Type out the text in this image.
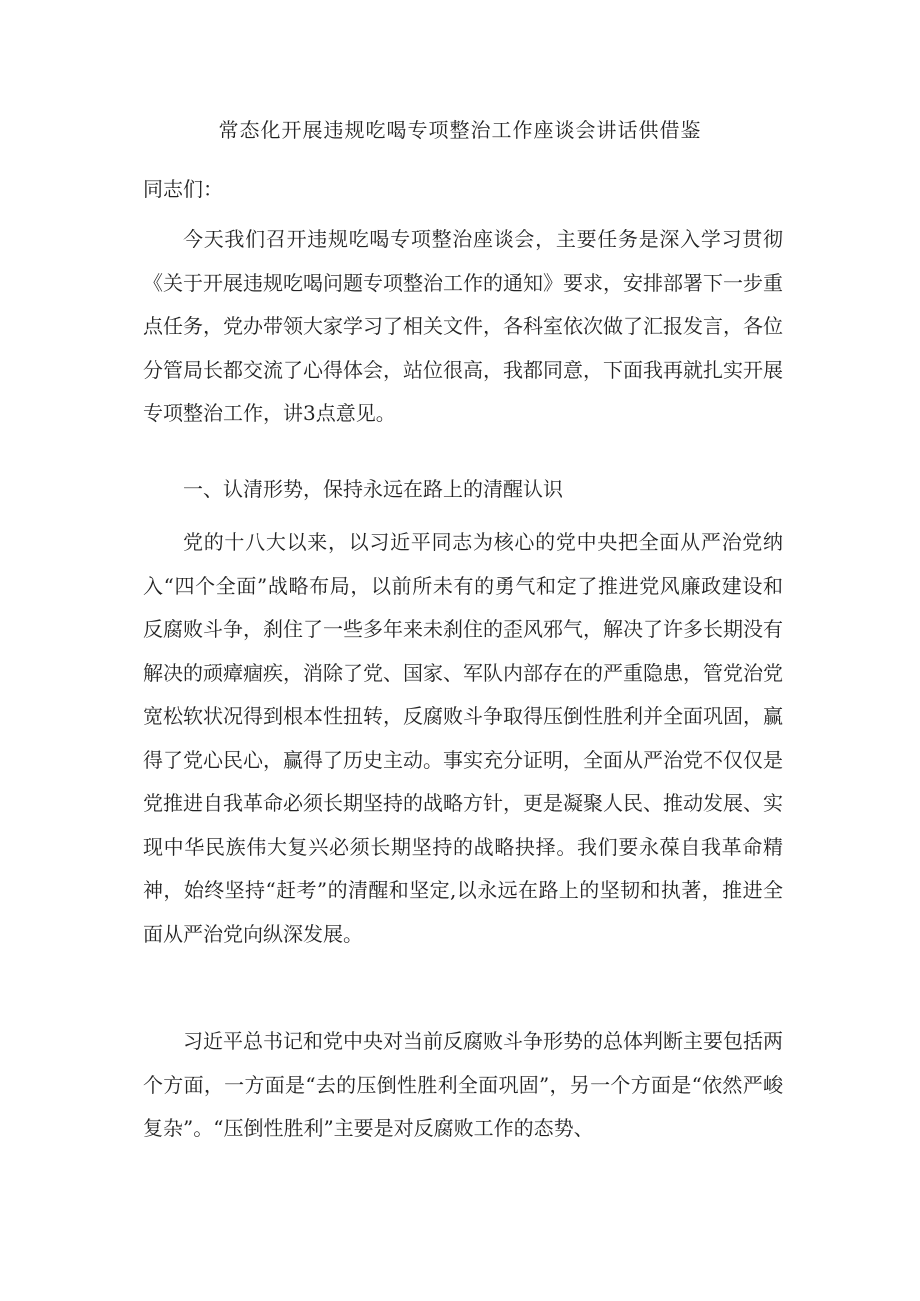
常态化开展违规吃喝专项整治工作座谈会讲话供借鉴

同志们：

今天我们召开违规吃喝专项整治座谈会，主要任务是深入学习贯彻《关于开展违规吃喝问题专项整治工作的通知》要求，安排部署下一步重点任务，党办带领大家学习了相关文件，各科室依次做了汇报发言，各位分管局长都交流了心得体会，站位很高，我都同意，下面我再就扎实开展专项整治工作，讲3点意见。

一、认清形势，保持永远在路上的清醒认识

党的十八大以来，以习近平同志为核心的党中央把全面从严治党纳入“四个全面”战略布局，以前所未有的勇气和定了推进党风廉政建设和反腐败斗争，刹住了一些多年来未刹住的歪风邪气，解决了许多长期没有解决的顽瘴痼疾，消除了党、国家、军队内部存在的严重隐患，管党治党宽松软状况得到根本性扭转，反腐败斗争取得压倒性胜利并全面巩固，赢得了党心民心，赢得了历史主动。事实充分证明，全面从严治党不仅仅是党推进自我革命必须长期坚持的战略方针，更是凝聚人民、推动发展、实现中华民族伟大复兴必须长期坚持的战略抉择。我们要永葆自我革命精神，始终坚持“赶考”的清醒和坚定,以永远在路上的坚韧和执著，推进全面从严治党向纵深发展。

习近平总书记和党中央对当前反腐败斗争形势的总体判断主要包括两个方面，一方面是“去的压倒性胜利全面巩固”，另一个方面是“依然严峻复杂”。“压倒性胜利”主要是对反腐败工作的态势、
